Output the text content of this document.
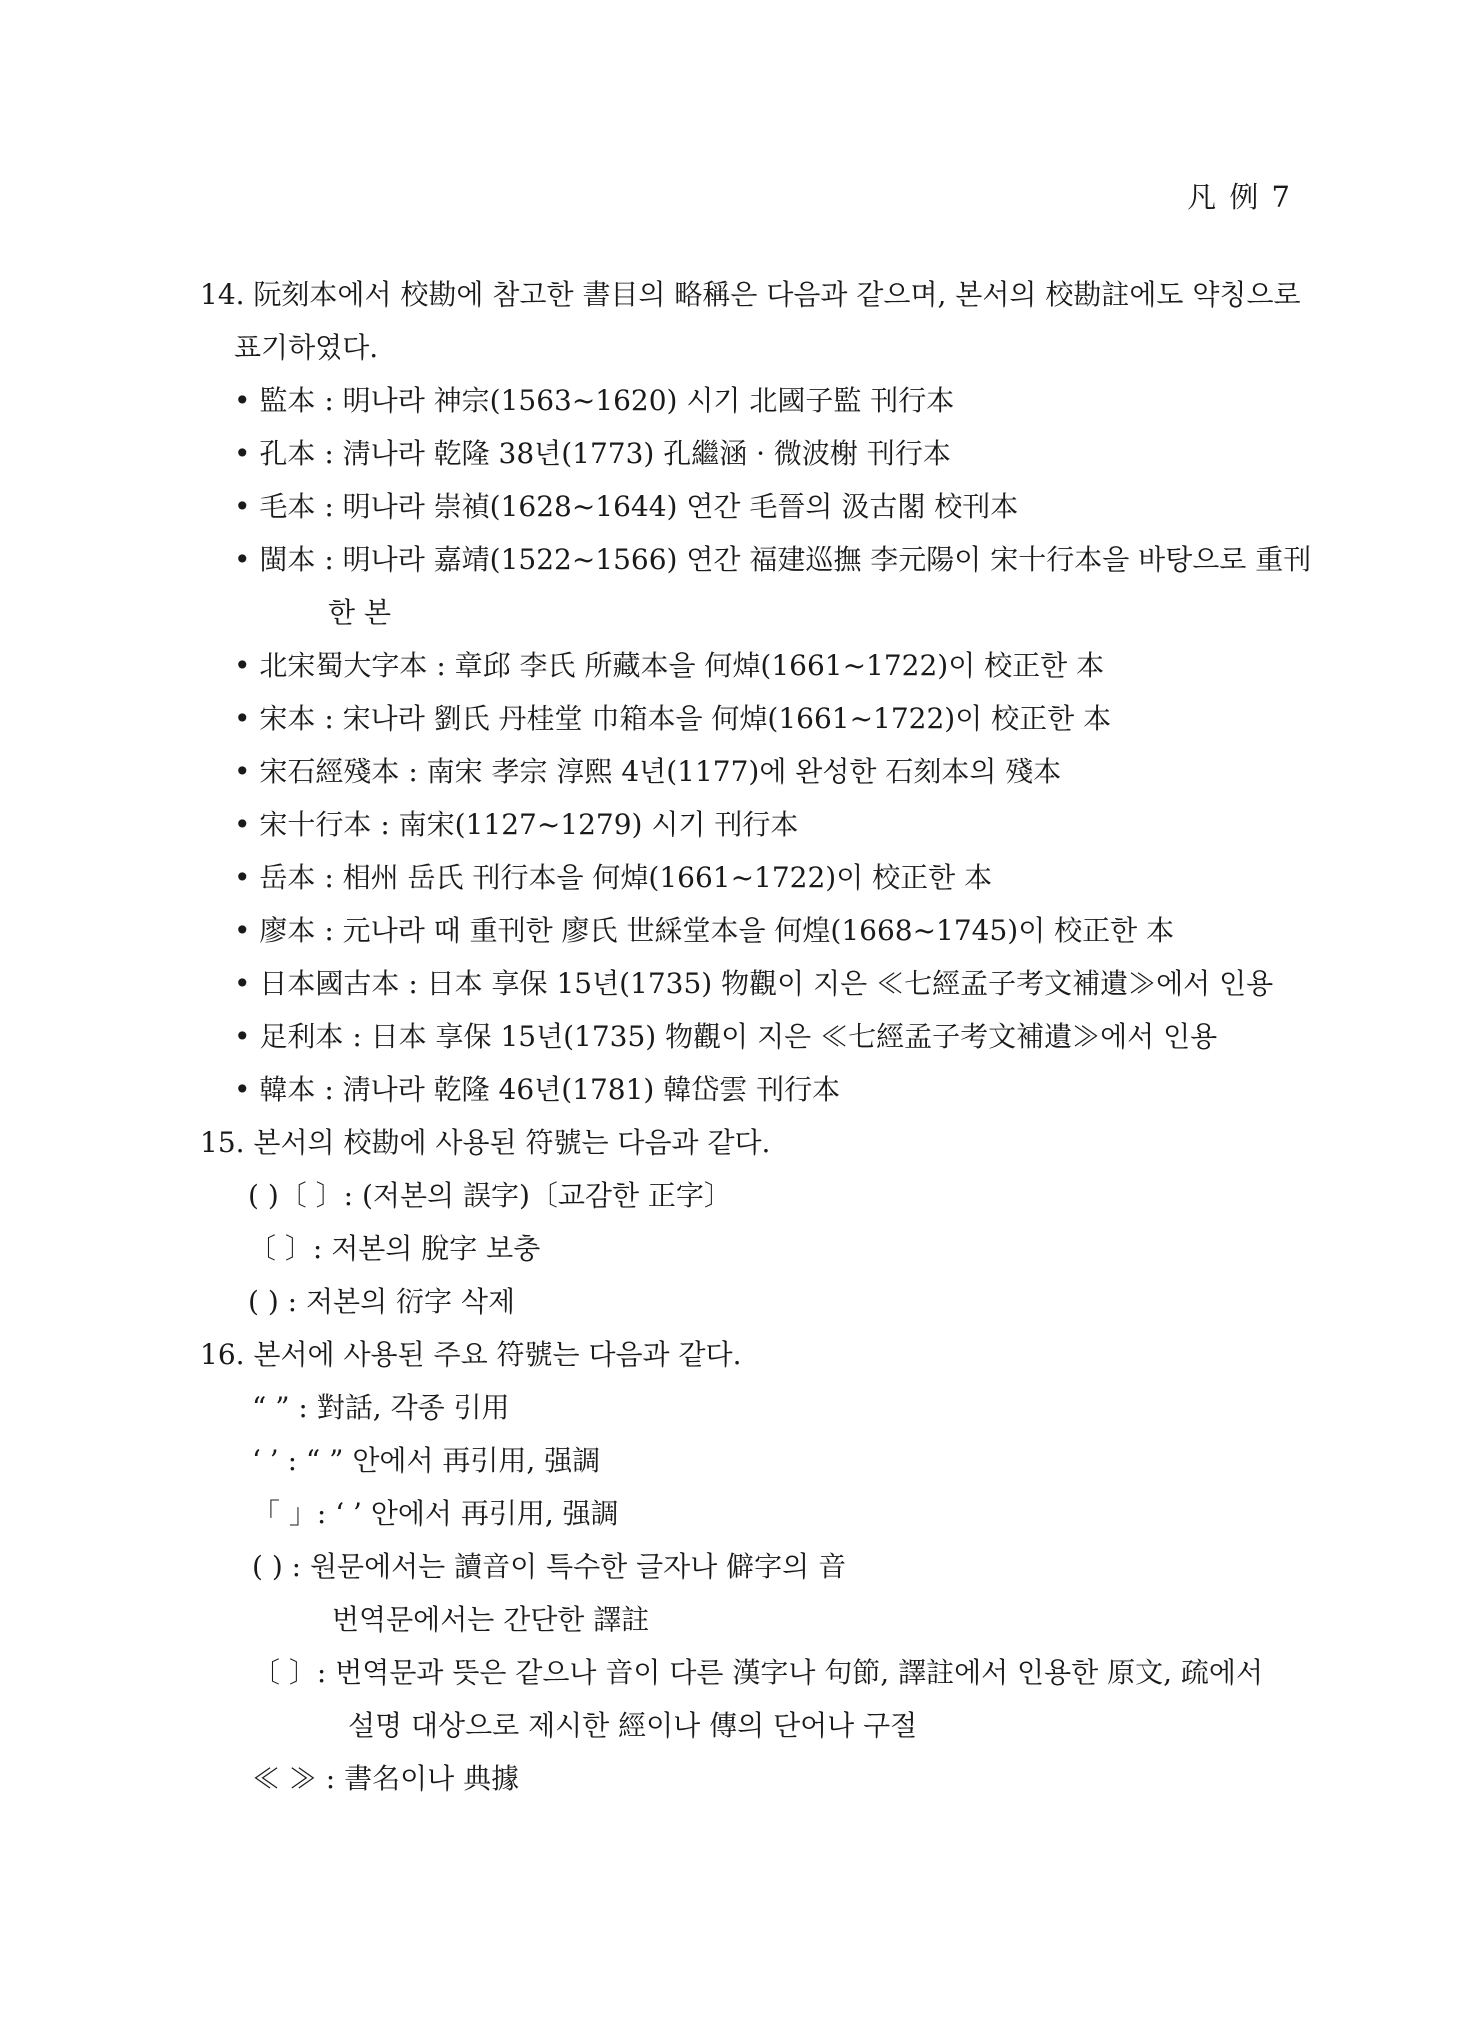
凡 例 7
14. 阮刻本에서 校勘에 참고한 書目의 略稱은 다음과 같으며, 본서의 校勘註에도 약칭으로
표기하였다.
• 監本 : 明나라 神宗(1563~1620) 시기 北國子監 刊行本
• 孔本 : 淸나라 乾隆 38년(1773) 孔繼涵 · 微波榭 刊行本
• 毛本 : 明나라 崇禎(1628~1644) 연간 毛晉의 汲古閣 校刊本
• 閩本 : 明나라 嘉靖(1522~1566) 연간 福建巡撫 李元陽이 宋十行本을 바탕으로 重刊
한 본
• 北宋蜀大字本 : 章邱 李氏 所藏本을 何焯(1661~1722)이 校正한 本
• 宋本 : 宋나라 劉氏 丹桂堂 巾箱本을 何焯(1661~1722)이 校正한 本
• 宋石經殘本 : 南宋 孝宗 淳熙 4년(1177)에 완성한 石刻本의 殘本
• 宋十行本 : 南宋(1127~1279) 시기 刊行本
• 岳本 : 相州 岳氏 刊行本을 何焯(1661~1722)이 校正한 本
• 廖本 : 元나라 때 重刊한 廖氏 世綵堂本을 何煌(1668~1745)이 校正한 本
• 日本國古本 : 日本 享保 15년(1735) 物觀이 지은 ≪七經孟子考文補遺≫에서 인용
• 足利本 : 日本 享保 15년(1735) 物觀이 지은 ≪七經孟子考文補遺≫에서 인용
• 韓本 : 淸나라 乾隆 46년(1781) 韓岱雲 刊行本
15. 본서의 校勘에 사용된 符號는 다음과 같다.
( )〔 〕: (저본의 誤字)〔교감한 正字〕
〔 〕: 저본의 脫字 보충
( ) : 저본의 衍字 삭제
16. 본서에 사용된 주요 符號는 다음과 같다.
“ ” : 對話, 각종 引用
‘ ’ : “ ” 안에서 再引用, 强調
「 」: ‘ ’ 안에서 再引用, 强調
( ) : 원문에서는 讀音이 특수한 글자나 僻字의 音
번역문에서는 간단한 譯註
〔 〕: 번역문과 뜻은 같으나 音이 다른 漢字나 句節, 譯註에서 인용한 原文, 疏에서
설명 대상으로 제시한 經이나 傳의 단어나 구절
≪ ≫ : 書名이나 典據
